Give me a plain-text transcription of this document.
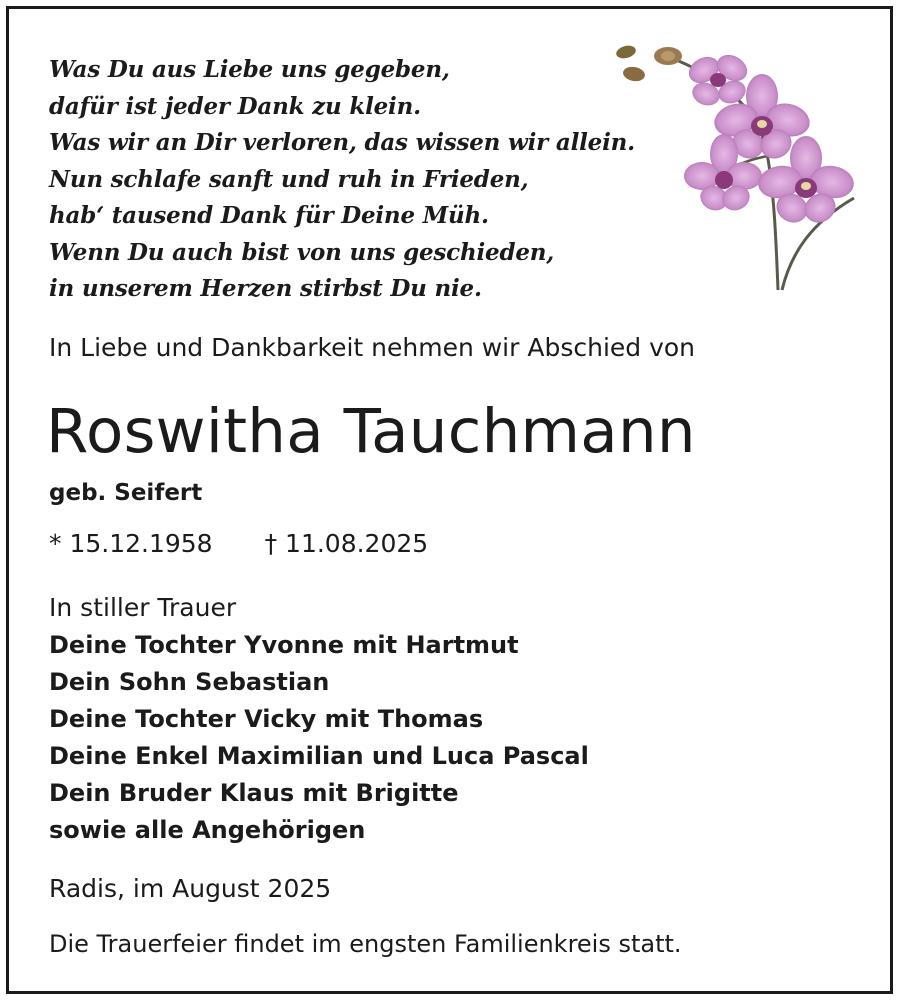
Was Du aus Liebe uns gegeben,
dafür ist jeder Dank zu klein.
Was wir an Dir verloren, das wissen wir allein.
Nun schlafe sanft und ruh in Frieden,
hab‘ tausend Dank für Deine Müh.
Wenn Du auch bist von uns geschieden,
in unserem Herzen stirbst Du nie.
In Liebe und Dankbarkeit nehmen wir Abschied von
Roswitha Tauchmann
geb. Seifert
* 15.12.1958 † 11.08.2025
In stiller Trauer
Deine Tochter Yvonne mit Hartmut
Dein Sohn Sebastian
Deine Tochter Vicky mit Thomas
Deine Enkel Maximilian und Luca Pascal
Dein Bruder Klaus mit Brigitte
sowie alle Angehörigen
Radis, im August 2025
Die Trauerfeier findet im engsten Familienkreis statt.
